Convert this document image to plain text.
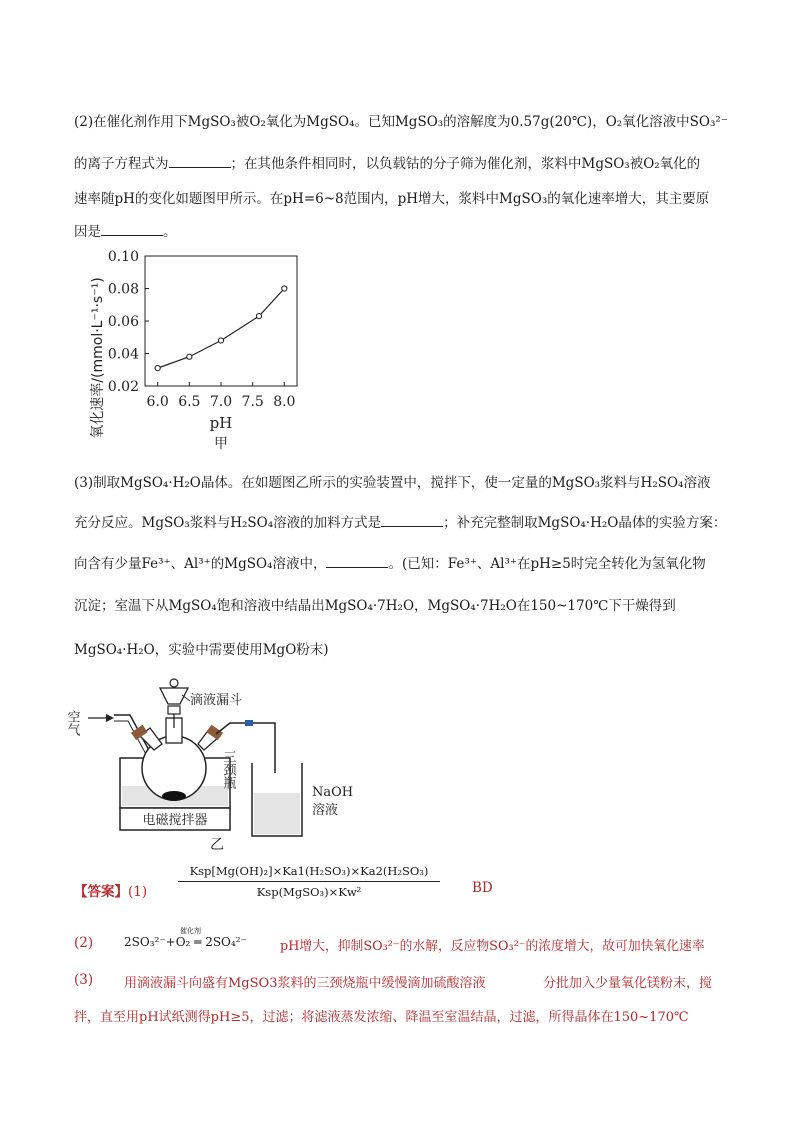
(2)在催化剂作用下MgSO₃被O₂氧化为MgSO₄。已知MgSO₃的溶解度为0.57g(20℃)，O₂氧化溶液中SO₃²⁻
的离子方程式为	；在其他条件相同时，以负载钴的分子筛为催化剂，浆料中MgSO₃被O₂氧化的
速率随pH的变化如题图甲所示。在pH=6~8范围内，pH增大，浆料中MgSO₃的氧化速率增大，其主要原
因是	。
氧化速率/(mmol·L⁻¹·s⁻¹) 0.02
0.04
0.06
0.08
0.10
6.0 6.5 7.0 7.5 8.0
pH
甲
(3)制取MgSO₄·H₂O晶体。在如题图乙所示的实验装置中，搅拌下，使一定量的MgSO₃浆料与H₂SO₄溶液
充分反应。MgSO₃浆料与H₂SO₄溶液的加料方式是	；补充完整制取MgSO₄·H₂O晶体的实验方案：
向含有少量Fe³⁺、Al³⁺的MgSO₄溶液中，	。(已知：Fe³⁺、Al³⁺在pH≥5时完全转化为氢氧化物
沉淀；室温下从MgSO₄饱和溶液中结晶出MgSO₄·7H₂O，MgSO₄·7H₂O在150~170℃下干燥得到
MgSO₄·H₂O，实验中需要使用MgO粉末)
空气
滴液漏斗
三颈瓶
电磁搅拌器
NaOH
溶液
乙
【答案】(1)
Ksp[Mg(OH)₂]×Ka1(H₂SO₃)×Ka2(H₂SO₃)
Ksp(MgSO₃)×Kw²	BD
(2)	2SO₃²⁻+O₂ ═ 2SO₄²⁻
催化剂
pH增大，抑制SO₃²⁻的水解，反应物SO₃²⁻的浓度增大，故可加快氧化速率
(3) 用滴液漏斗向盛有MgSO3浆料的三颈烧瓶中缓慢滴加硫酸溶液	分批加入少量氧化镁粉末，搅
拌，直至用pH试纸测得pH≥5，过滤；将滤液蒸发浓缩、降温至室温结晶，过滤，所得晶体在150~170℃
